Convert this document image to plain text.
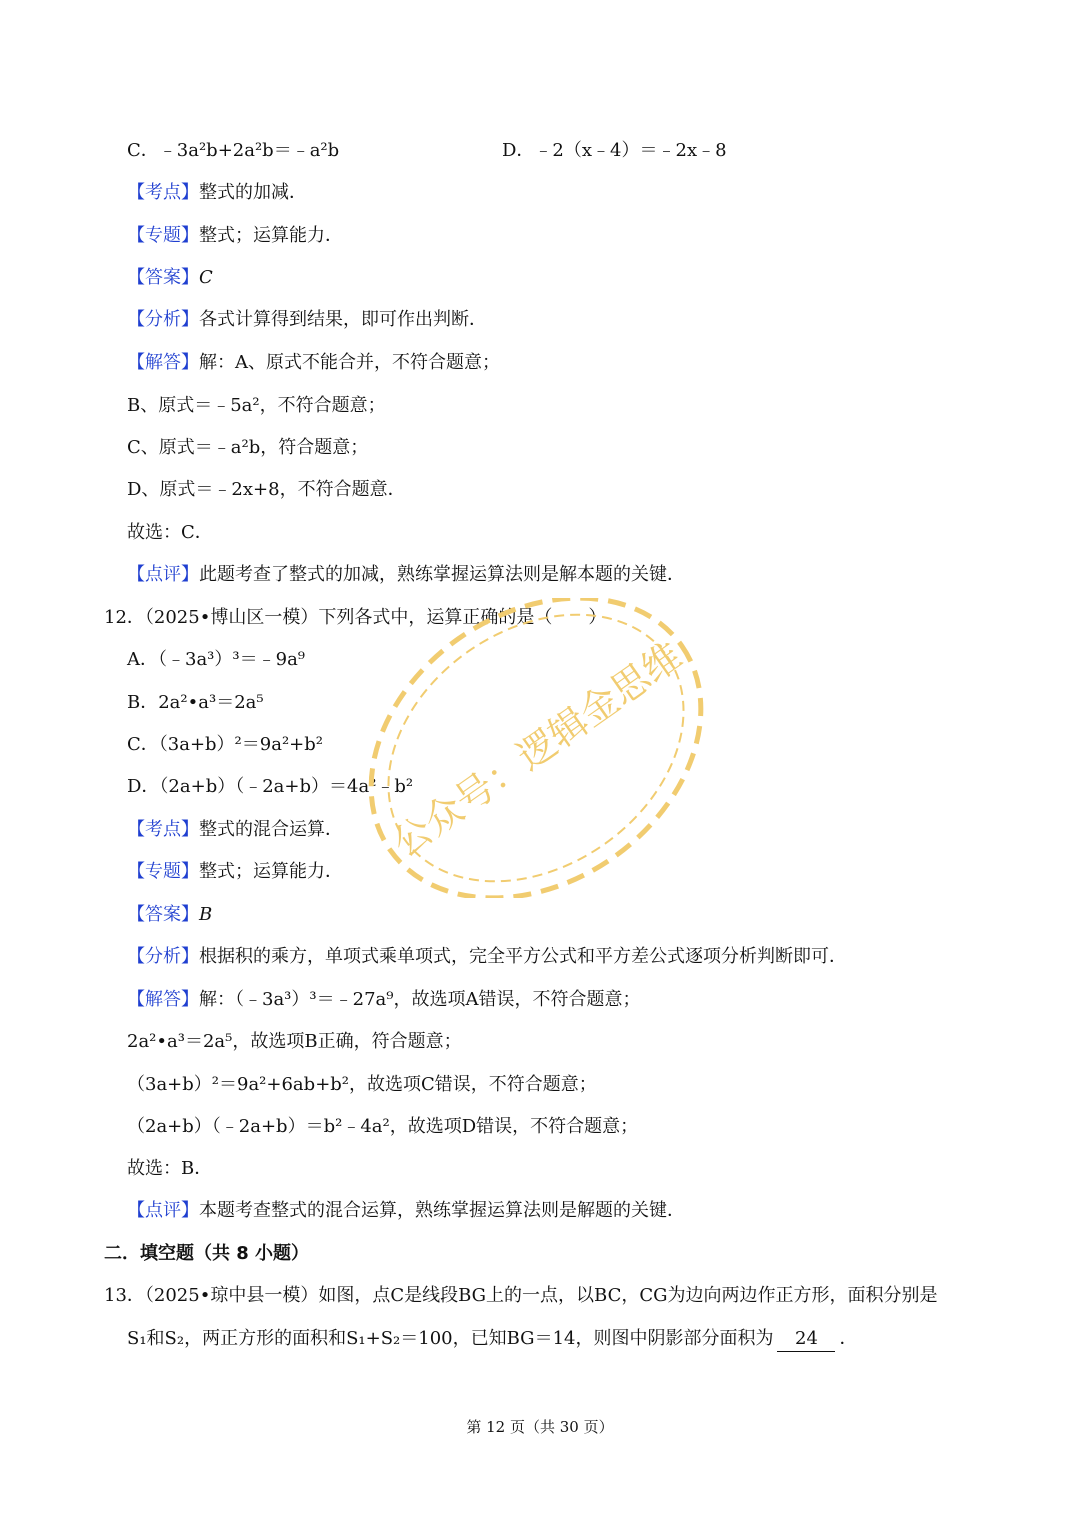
C．﹣3a²b+2a²b＝﹣a²b	D．﹣2（x﹣4）＝﹣2x﹣8
【考点】整式的加减．
【专题】整式；运算能力．
【答案】C
【分析】各式计算得到结果，即可作出判断．
【解答】解：A、原式不能合并，不符合题意；
B、原式＝﹣5a²，不符合题意；
C、原式＝﹣a²b，符合题意；
D、原式＝﹣2x+8，不符合题意．
故选：C．
【点评】此题考查了整式的加减，熟练掌握运算法则是解本题的关键．
12．（2025•博山区一模）下列各式中，运算正确的是（　　）
A．（﹣3a³）³＝﹣9a⁹
B．2a²•a³＝2a⁵
C．（3a+b）²＝9a²+b²
D．（2a+b）（﹣2a+b）＝4a²﹣b²
【考点】整式的混合运算．
【专题】整式；运算能力．
【答案】B
【分析】根据积的乘方，单项式乘单项式，完全平方公式和平方差公式逐项分析判断即可．
【解答】解：（﹣3a³）³＝﹣27a⁹，故选项A错误，不符合题意；
2a²•a³＝2a⁵，故选项B正确，符合题意；
（3a+b）²＝9a²+6ab+b²，故选项C错误，不符合题意；
（2a+b）（﹣2a+b）＝b²﹣4a²，故选项D错误，不符合题意；
故选：B．
【点评】本题考查整式的混合运算，熟练掌握运算法则是解题的关键．
二．填空题（共 8 小题）
13．（2025•琼中县一模）如图，点C是线段BG上的一点，以BC，CG为边向两边作正方形，面积分别是
S₁和S₂，两正方形的面积和S₁+S₂＝100，已知BG＝14，则图中阴影部分面积为 24 ．
第 12 页（共 30 页）
公众号：逻辑金思维
